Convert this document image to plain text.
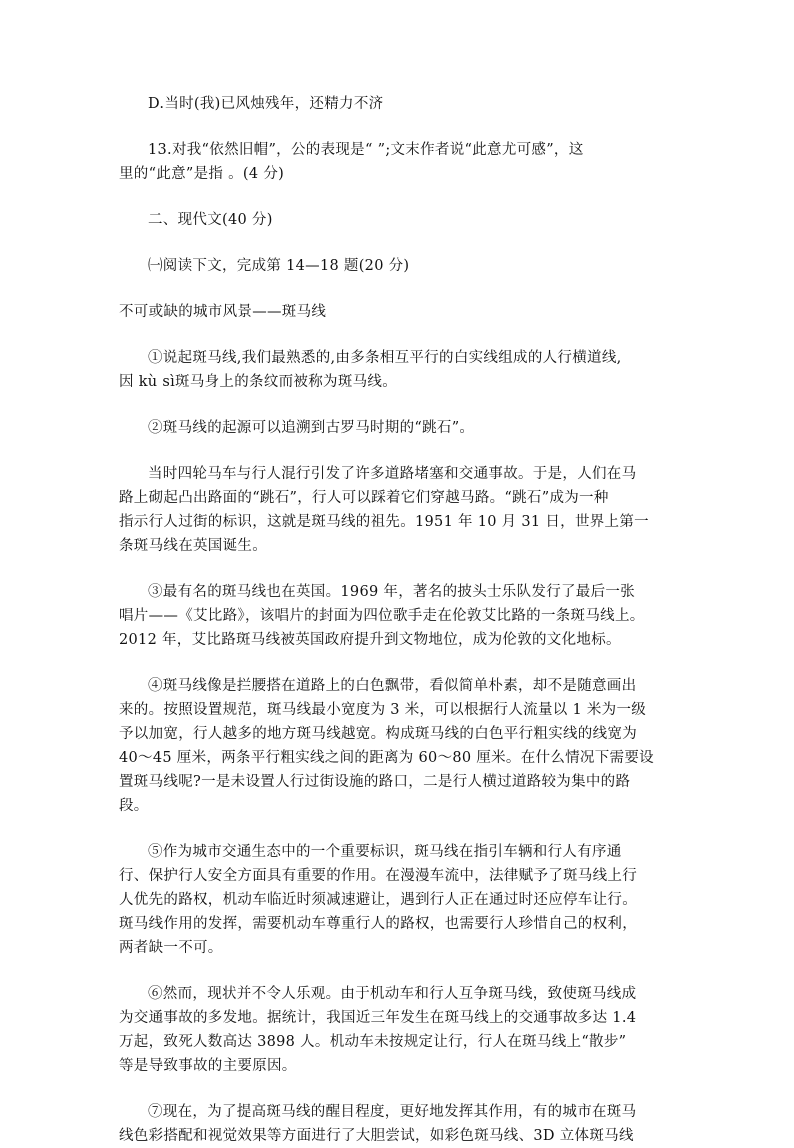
D.当时(我)已风烛残年，还精力不济

13.对我“依然旧帽”，公的表现是“ ”;文末作者说“此意尤可感”，这

里的“此意”是指 。(4 分)

二、现代文(40 分)

㈠阅读下文，完成第 14—18 题(20 分)

不可或缺的城市风景——斑马线

①说起斑马线,我们最熟悉的,由多条相互平行的白实线组成的人行横道线,

因 kù sì斑马身上的条纹而被称为斑马线。

②斑马线的起源可以追溯到古罗马时期的“跳石”。

当时四轮马车与行人混行引发了许多道路堵塞和交通事故。于是，人们在马

路上砌起凸出路面的“跳石”，行人可以踩着它们穿越马路。“跳石”成为一种

指示行人过街的标识，这就是斑马线的祖先。1951 年 10 月 31 日，世界上第一

条斑马线在英国诞生。

③最有名的斑马线也在英国。1969 年，著名的披头士乐队发行了最后一张

唱片——《艾比路》，该唱片的封面为四位歌手走在伦敦艾比路的一条斑马线上。

2012 年，艾比路斑马线被英国政府提升到文物地位，成为伦敦的文化地标。

④斑马线像是拦腰搭在道路上的白色飘带，看似简单朴素，却不是随意画出

来的。按照设置规范，斑马线最小宽度为 3 米，可以根据行人流量以 1 米为一级

予以加宽，行人越多的地方斑马线越宽。构成斑马线的白色平行粗实线的线宽为

40～45 厘米，两条平行粗实线之间的距离为 60～80 厘米。在什么情况下需要设

置斑马线呢?一是未设置人行过街设施的路口，二是行人横过道路较为集中的路

段。

⑤作为城市交通生态中的一个重要标识，斑马线在指引车辆和行人有序通

行、保护行人安全方面具有重要的作用。在漫漫车流中，法律赋予了斑马线上行

人优先的路权，机动车临近时须减速避让，遇到行人正在通过时还应停车让行。

斑马线作用的发挥，需要机动车尊重行人的路权，也需要行人珍惜自己的权利，

两者缺一不可。

⑥然而，现状并不令人乐观。由于机动车和行人互争斑马线，致使斑马线成

为交通事故的多发地。据统计，我国近三年发生在斑马线上的交通事故多达 1.4

万起，致死人数高达 3898 人。机动车未按规定让行，行人在斑马线上“散步”

等是导致事故的主要原因。

⑦现在，为了提高斑马线的醒目程度，更好地发挥其作用，有的城市在斑马

线色彩搭配和视觉效果等方面进行了大胆尝试，如彩色斑马线、3D 立体斑马线
